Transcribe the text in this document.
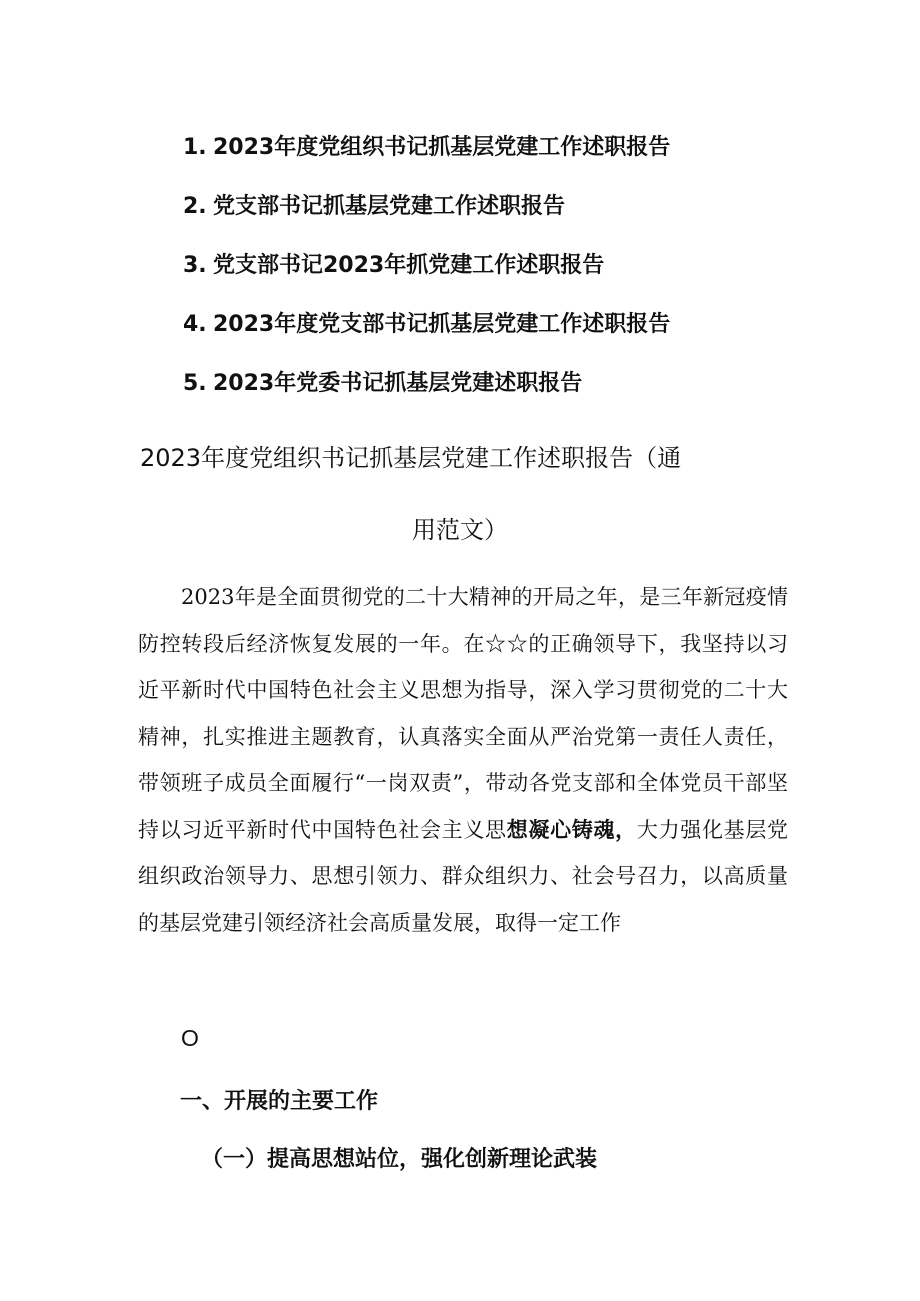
1. 2023年度党组织书记抓基层党建工作述职报告
2. 党支部书记抓基层党建工作述职报告
3. 党支部书记2023年抓党建工作述职报告
4. 2023年度党支部书记抓基层党建工作述职报告
5. 2023年党委书记抓基层党建述职报告
2023年度党组织书记抓基层党建工作述职报告（通
用范文）

2023年是全面贯彻党的二十大精神的开局之年，是三年新冠疫情防控转段后经济恢复发展的一年。在☆☆的正确领导下，我坚持以习近平新时代中国特色社会主义思想为指导，深入学习贯彻党的二十大精神，扎实推进主题教育，认真落实全面从严治党第一责任人责任，带领班子成员全面履行“一岗双责”，带动各党支部和全体党员干部坚持以习近平新时代中国特色社会主义思想凝心铸魂，大力强化基层党组织政治领导力、思想引领力、群众组织力、社会号召力，以高质量的基层党建引领经济社会高质量发展，取得一定工作

O
一、开展的主要工作
（一）提高思想站位，强化创新理论武装
